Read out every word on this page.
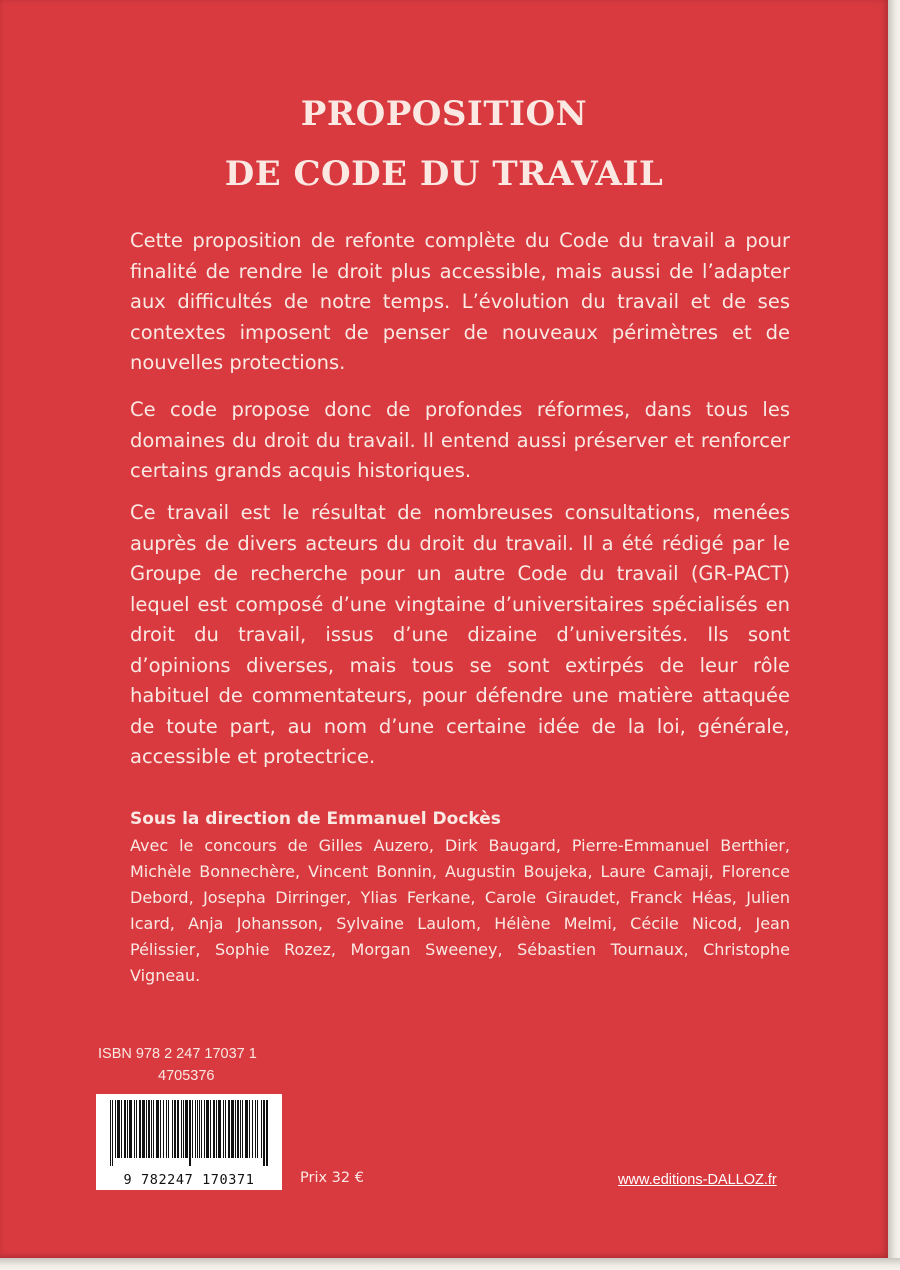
PROPOSITION
DE CODE DU TRAVAIL

Cette proposition de refonte complète du Code du travail a pour finalité de rendre le droit plus accessible, mais aussi de l’adapter aux difficultés de notre temps. L’évolution du travail et de ses contextes imposent de penser de nouveaux périmètres et de nouvelles protections.

Ce code propose donc de profondes réformes, dans tous les domaines du droit du travail. Il entend aussi préserver et renforcer certains grands acquis historiques.

Ce travail est le résultat de nombreuses consultations, menées auprès de divers acteurs du droit du travail. Il a été rédigé par le Groupe de recherche pour un autre Code du travail (GR-PACT) lequel est composé d’une vingtaine d’universitaires spécialisés en droit du travail, issus d’une dizaine d’universités. Ils sont d’opinions diverses, mais tous se sont extirpés de leur rôle habituel de commentateurs, pour défendre une matière attaquée de toute part, au nom d’une certaine idée de la loi, générale, accessible et protectrice.

Sous la direction de Emmanuel Dockès
Avec le concours de Gilles Auzero, Dirk Baugard, Pierre-Emmanuel Berthier, Michèle Bonnechère, Vincent Bonnin, Augustin Boujeka, Laure Camaji, Florence Debord, Josepha Dirringer, Ylias Ferkane, Carole Giraudet, Franck Héas, Julien Icard, Anja Johansson, Sylvaine Laulom, Hélène Melmi, Cécile Nicod, Jean Pélissier, Sophie Rozez, Morgan Sweeney, Sébastien Tournaux, Christophe Vigneau.
ISBN 978 2 247 17037 1
4705376
9 782247 170371	Prix 32 €	www.editions-DALLOZ.fr
